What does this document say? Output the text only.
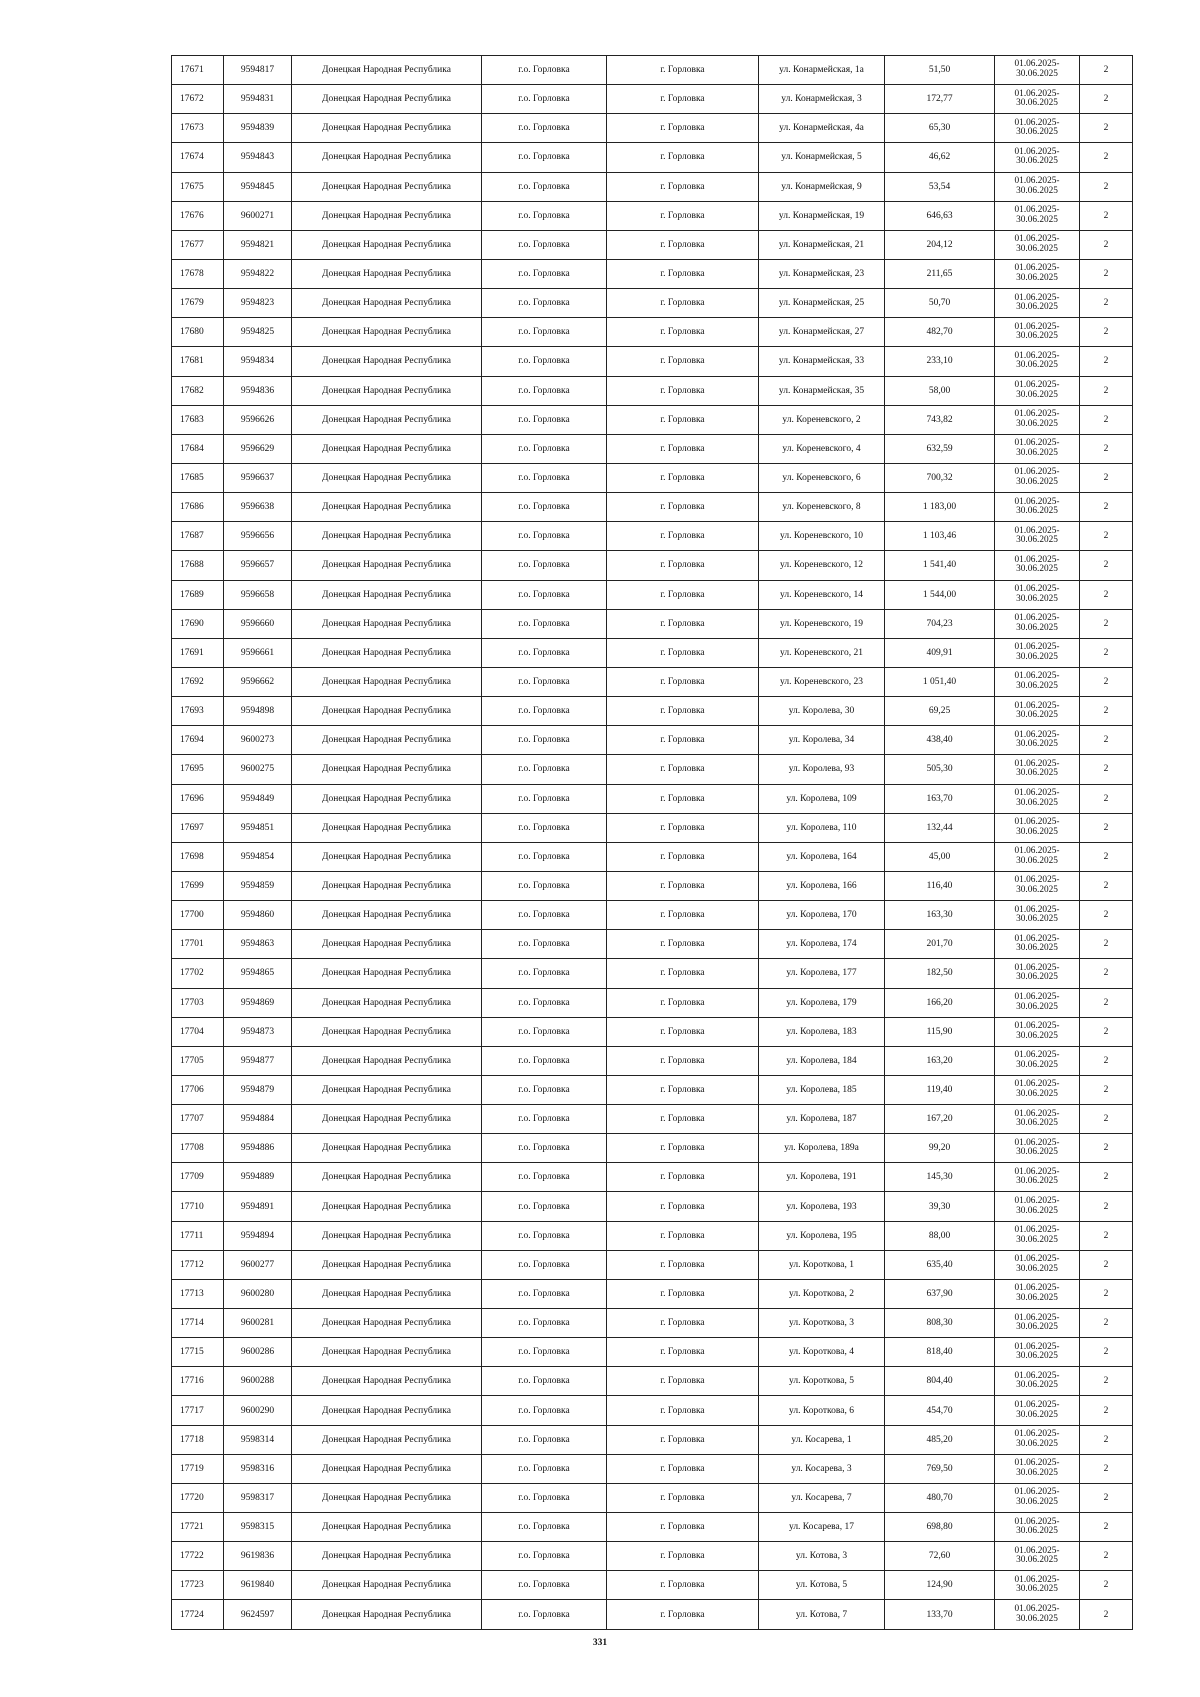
17671	9594817	Донецкая Народная Республика	г.о. Горловка	г. Горловка	ул. Конармейская, 1а	51,50	01.06.2025-
30.06.2025	2
17672	9594831	Донецкая Народная Республика	г.о. Горловка	г. Горловка	ул. Конармейская, 3	172,77	01.06.2025-
30.06.2025	2
17673	9594839	Донецкая Народная Республика	г.о. Горловка	г. Горловка	ул. Конармейская, 4а	65,30	01.06.2025-
30.06.2025	2
17674	9594843	Донецкая Народная Республика	г.о. Горловка	г. Горловка	ул. Конармейская, 5	46,62	01.06.2025-
30.06.2025	2
17675	9594845	Донецкая Народная Республика	г.о. Горловка	г. Горловка	ул. Конармейская, 9	53,54	01.06.2025-
30.06.2025	2
17676	9600271	Донецкая Народная Республика	г.о. Горловка	г. Горловка	ул. Конармейская, 19	646,63	01.06.2025-
30.06.2025	2
17677	9594821	Донецкая Народная Республика	г.о. Горловка	г. Горловка	ул. Конармейская, 21	204,12	01.06.2025-
30.06.2025	2
17678	9594822	Донецкая Народная Республика	г.о. Горловка	г. Горловка	ул. Конармейская, 23	211,65	01.06.2025-
30.06.2025	2
17679	9594823	Донецкая Народная Республика	г.о. Горловка	г. Горловка	ул. Конармейская, 25	50,70	01.06.2025-
30.06.2025	2
17680	9594825	Донецкая Народная Республика	г.о. Горловка	г. Горловка	ул. Конармейская, 27	482,70	01.06.2025-
30.06.2025	2
17681	9594834	Донецкая Народная Республика	г.о. Горловка	г. Горловка	ул. Конармейская, 33	233,10	01.06.2025-
30.06.2025	2
17682	9594836	Донецкая Народная Республика	г.о. Горловка	г. Горловка	ул. Конармейская, 35	58,00	01.06.2025-
30.06.2025	2
17683	9596626	Донецкая Народная Республика	г.о. Горловка	г. Горловка	ул. Кореневского, 2	743,82	01.06.2025-
30.06.2025	2
17684	9596629	Донецкая Народная Республика	г.о. Горловка	г. Горловка	ул. Кореневского, 4	632,59	01.06.2025-
30.06.2025	2
17685	9596637	Донецкая Народная Республика	г.о. Горловка	г. Горловка	ул. Кореневского, 6	700,32	01.06.2025-
30.06.2025	2
17686	9596638	Донецкая Народная Республика	г.о. Горловка	г. Горловка	ул. Кореневского, 8	1 183,00	01.06.2025-
30.06.2025	2
17687	9596656	Донецкая Народная Республика	г.о. Горловка	г. Горловка	ул. Кореневского, 10	1 103,46	01.06.2025-
30.06.2025	2
17688	9596657	Донецкая Народная Республика	г.о. Горловка	г. Горловка	ул. Кореневского, 12	1 541,40	01.06.2025-
30.06.2025	2
17689	9596658	Донецкая Народная Республика	г.о. Горловка	г. Горловка	ул. Кореневского, 14	1 544,00	01.06.2025-
30.06.2025	2
17690	9596660	Донецкая Народная Республика	г.о. Горловка	г. Горловка	ул. Кореневского, 19	704,23	01.06.2025-
30.06.2025	2
17691	9596661	Донецкая Народная Республика	г.о. Горловка	г. Горловка	ул. Кореневского, 21	409,91	01.06.2025-
30.06.2025	2
17692	9596662	Донецкая Народная Республика	г.о. Горловка	г. Горловка	ул. Кореневского, 23	1 051,40	01.06.2025-
30.06.2025	2
17693	9594898	Донецкая Народная Республика	г.о. Горловка	г. Горловка	ул. Королева, 30	69,25	01.06.2025-
30.06.2025	2
17694	9600273	Донецкая Народная Республика	г.о. Горловка	г. Горловка	ул. Королева, 34	438,40	01.06.2025-
30.06.2025	2
17695	9600275	Донецкая Народная Республика	г.о. Горловка	г. Горловка	ул. Королева, 93	505,30	01.06.2025-
30.06.2025	2
17696	9594849	Донецкая Народная Республика	г.о. Горловка	г. Горловка	ул. Королева, 109	163,70	01.06.2025-
30.06.2025	2
17697	9594851	Донецкая Народная Республика	г.о. Горловка	г. Горловка	ул. Королева, 110	132,44	01.06.2025-
30.06.2025	2
17698	9594854	Донецкая Народная Республика	г.о. Горловка	г. Горловка	ул. Королева, 164	45,00	01.06.2025-
30.06.2025	2
17699	9594859	Донецкая Народная Республика	г.о. Горловка	г. Горловка	ул. Королева, 166	116,40	01.06.2025-
30.06.2025	2
17700	9594860	Донецкая Народная Республика	г.о. Горловка	г. Горловка	ул. Королева, 170	163,30	01.06.2025-
30.06.2025	2
17701	9594863	Донецкая Народная Республика	г.о. Горловка	г. Горловка	ул. Королева, 174	201,70	01.06.2025-
30.06.2025	2
17702	9594865	Донецкая Народная Республика	г.о. Горловка	г. Горловка	ул. Королева, 177	182,50	01.06.2025-
30.06.2025	2
17703	9594869	Донецкая Народная Республика	г.о. Горловка	г. Горловка	ул. Королева, 179	166,20	01.06.2025-
30.06.2025	2
17704	9594873	Донецкая Народная Республика	г.о. Горловка	г. Горловка	ул. Королева, 183	115,90	01.06.2025-
30.06.2025	2
17705	9594877	Донецкая Народная Республика	г.о. Горловка	г. Горловка	ул. Королева, 184	163,20	01.06.2025-
30.06.2025	2
17706	9594879	Донецкая Народная Республика	г.о. Горловка	г. Горловка	ул. Королева, 185	119,40	01.06.2025-
30.06.2025	2
17707	9594884	Донецкая Народная Республика	г.о. Горловка	г. Горловка	ул. Королева, 187	167,20	01.06.2025-
30.06.2025	2
17708	9594886	Донецкая Народная Республика	г.о. Горловка	г. Горловка	ул. Королева, 189а	99,20	01.06.2025-
30.06.2025	2
17709	9594889	Донецкая Народная Республика	г.о. Горловка	г. Горловка	ул. Королева, 191	145,30	01.06.2025-
30.06.2025	2
17710	9594891	Донецкая Народная Республика	г.о. Горловка	г. Горловка	ул. Королева, 193	39,30	01.06.2025-
30.06.2025	2
17711	9594894	Донецкая Народная Республика	г.о. Горловка	г. Горловка	ул. Королева, 195	88,00	01.06.2025-
30.06.2025	2
17712	9600277	Донецкая Народная Республика	г.о. Горловка	г. Горловка	ул. Короткова, 1	635,40	01.06.2025-
30.06.2025	2
17713	9600280	Донецкая Народная Республика	г.о. Горловка	г. Горловка	ул. Короткова, 2	637,90	01.06.2025-
30.06.2025	2
17714	9600281	Донецкая Народная Республика	г.о. Горловка	г. Горловка	ул. Короткова, 3	808,30	01.06.2025-
30.06.2025	2
17715	9600286	Донецкая Народная Республика	г.о. Горловка	г. Горловка	ул. Короткова, 4	818,40	01.06.2025-
30.06.2025	2
17716	9600288	Донецкая Народная Республика	г.о. Горловка	г. Горловка	ул. Короткова, 5	804,40	01.06.2025-
30.06.2025	2
17717	9600290	Донецкая Народная Республика	г.о. Горловка	г. Горловка	ул. Короткова, 6	454,70	01.06.2025-
30.06.2025	2
17718	9598314	Донецкая Народная Республика	г.о. Горловка	г. Горловка	ул. Косарева, 1	485,20	01.06.2025-
30.06.2025	2
17719	9598316	Донецкая Народная Республика	г.о. Горловка	г. Горловка	ул. Косарева, 3	769,50	01.06.2025-
30.06.2025	2
17720	9598317	Донецкая Народная Республика	г.о. Горловка	г. Горловка	ул. Косарева, 7	480,70	01.06.2025-
30.06.2025	2
17721	9598315	Донецкая Народная Республика	г.о. Горловка	г. Горловка	ул. Косарева, 17	698,80	01.06.2025-
30.06.2025	2
17722	9619836	Донецкая Народная Республика	г.о. Горловка	г. Горловка	ул. Котова, 3	72,60	01.06.2025-
30.06.2025	2
17723	9619840	Донецкая Народная Республика	г.о. Горловка	г. Горловка	ул. Котова, 5	124,90	01.06.2025-
30.06.2025	2
17724	9624597	Донецкая Народная Республика	г.о. Горловка	г. Горловка	ул. Котова, 7	133,70	01.06.2025-
30.06.2025	2
331
